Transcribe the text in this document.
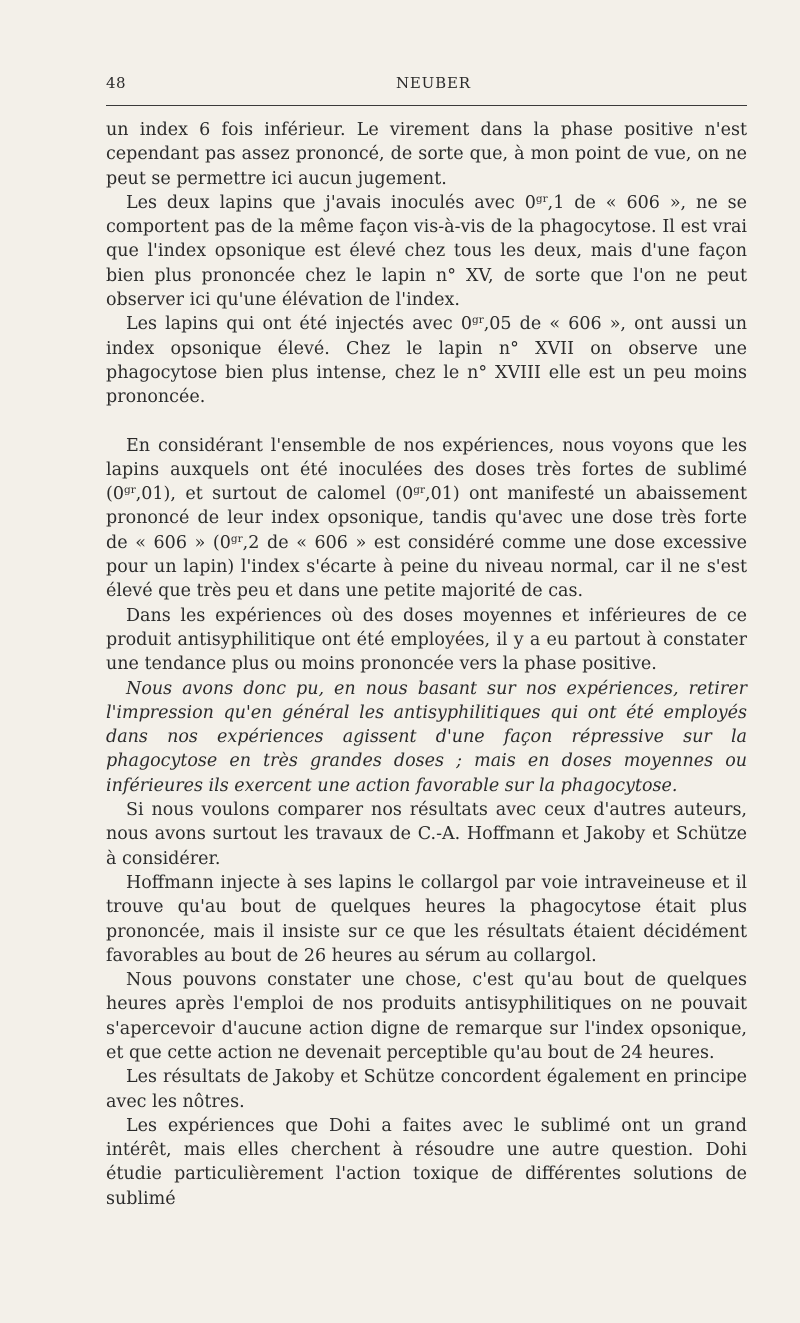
48	NEUBER

un index 6 fois inférieur. Le virement dans la phase positive n'est cependant pas assez prononcé, de sorte que, à mon point de vue, on ne peut se permettre ici aucun jugement.

Les deux lapins que j'avais inoculés avec $0^{gr},1$ de « 606 », ne se comportent pas de la même façon vis-à-vis de la phagocytose. Il est vrai que l'index opsonique est élevé chez tous les deux, mais d'une façon bien plus prononcée chez le lapin n° XV, de sorte que l'on ne peut observer ici qu'une élévation de l'index.

Les lapins qui ont été injectés avec $0^{gr},05$ de « 606 », ont aussi un index opsonique élevé. Chez le lapin n° XVII on observe une phagocytose bien plus intense, chez le n° XVIII elle est un peu moins prononcée.

En considérant l'ensemble de nos expériences, nous voyons que les lapins auxquels ont été inoculées des doses très fortes de sublimé $(0^{gr},01)$, et surtout de calomel $(0^{gr},01)$ ont manifesté un abaissement prononcé de leur index opsonique, tandis qu'avec une dose très forte de « 606 » ($0^{gr},2$ de « 606 » est considéré comme une dose excessive pour un lapin) l'index s'écarte à peine du niveau normal, car il ne s'est élevé que très peu et dans une petite majorité de cas.

Dans les expériences où des doses moyennes et inférieures de ce produit antisyphilitique ont été employées, il y a eu partout à constater une tendance plus ou moins prononcée vers la phase positive.

Nous avons donc pu, en nous basant sur nos expériences, retirer l'impression qu'en général les antisyphilitiques qui ont été employés dans nos expériences agissent d'une façon répressive sur la phagocytose en très grandes doses ; mais en doses moyennes ou inférieures ils exercent une action favorable sur la phagocytose.

Si nous voulons comparer nos résultats avec ceux d'autres auteurs, nous avons surtout les travaux de C.-A. Hoffmann et Jakoby et Schütze à considérer.

Hoffmann injecte à ses lapins le collargol par voie intraveineuse et il trouve qu'au bout de quelques heures la phagocytose était plus prononcée, mais il insiste sur ce que les résultats étaient décidément favorables au bout de 26 heures au sérum au collargol.

Nous pouvons constater une chose, c'est qu'au bout de quelques heures après l'emploi de nos produits antisyphilitiques on ne pouvait s'apercevoir d'aucune action digne de remarque sur l'index opsonique, et que cette action ne devenait perceptible qu'au bout de 24 heures.

Les résultats de Jakoby et Schütze concordent également en principe avec les nôtres.

Les expériences que Dohi a faites avec le sublimé ont un grand intérêt, mais elles cherchent à résoudre une autre question. Dohi étudie particulièrement l'action toxique de différentes solutions de sublimé
